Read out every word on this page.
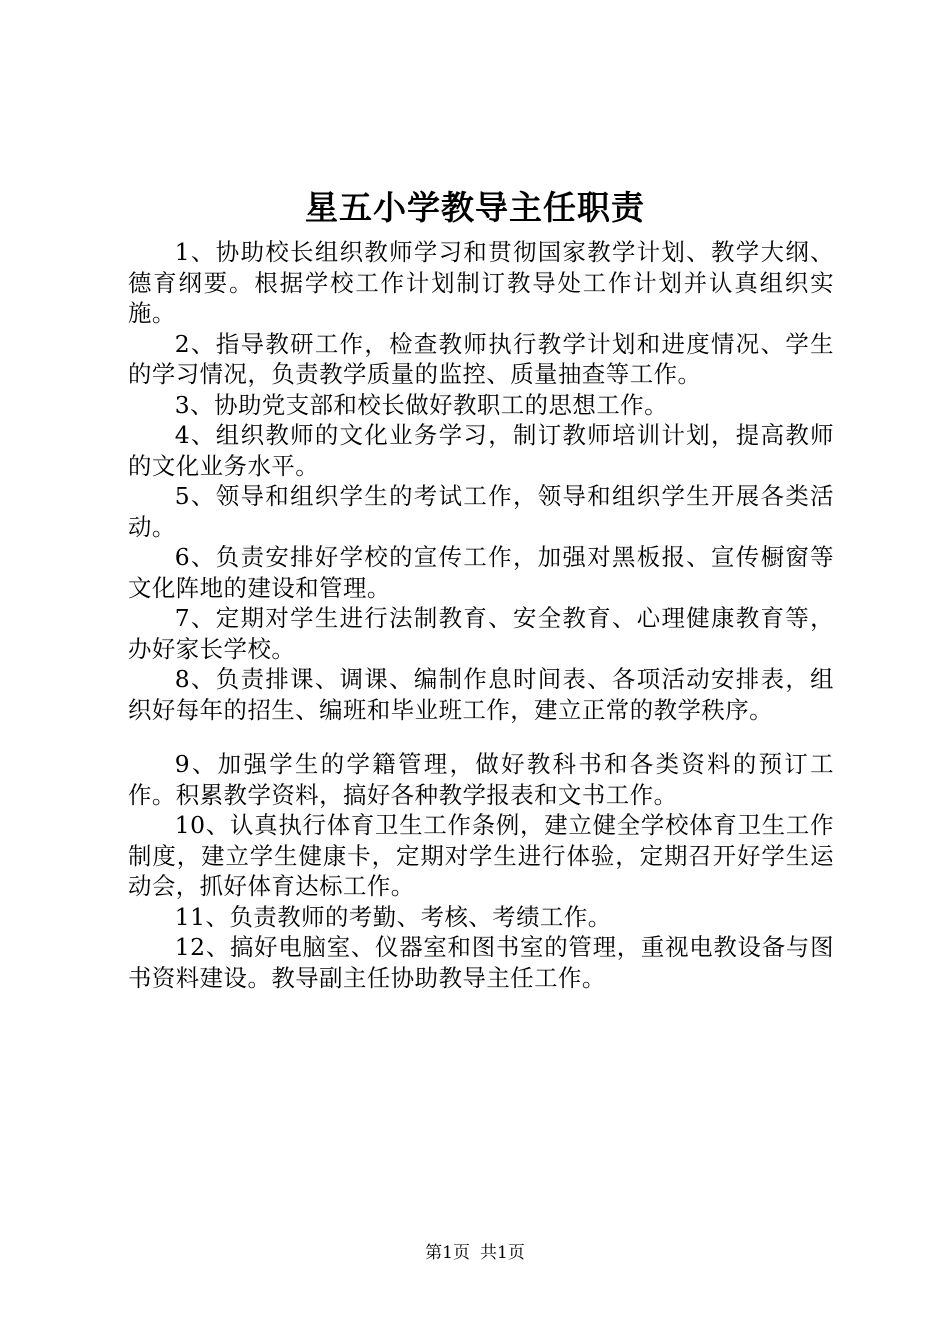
星五小学教导主任职责

1、协助校长组织教师学习和贯彻国家教学计划、教学大纲、德育纲要。根据学校工作计划制订教导处工作计划并认真组织实施。

2、指导教研工作，检查教师执行教学计划和进度情况、学生的学习情况，负责教学质量的监控、质量抽查等工作。

3、协助党支部和校长做好教职工的思想工作。

4、组织教师的文化业务学习，制订教师培训计划，提高教师的文化业务水平。

5、领导和组织学生的考试工作，领导和组织学生开展各类活动。

6、负责安排好学校的宣传工作，加强对黑板报、宣传橱窗等文化阵地的建设和管理。

7、定期对学生进行法制教育、安全教育、心理健康教育等，办好家长学校。

8、负责排课、调课、编制作息时间表、各项活动安排表，组织好每年的招生、编班和毕业班工作，建立正常的教学秩序。

9、加强学生的学籍管理，做好教科书和各类资料的预订工作。积累教学资料，搞好各种教学报表和文书工作。

10、认真执行体育卫生工作条例，建立健全学校体育卫生工作制度，建立学生健康卡，定期对学生进行体验，定期召开好学生运动会，抓好体育达标工作。

11、负责教师的考勤、考核、考绩工作。

12、搞好电脑室、仪器室和图书室的管理，重视电教设备与图书资料建设。教导副主任协助教导主任工作。

第1页 共1页
